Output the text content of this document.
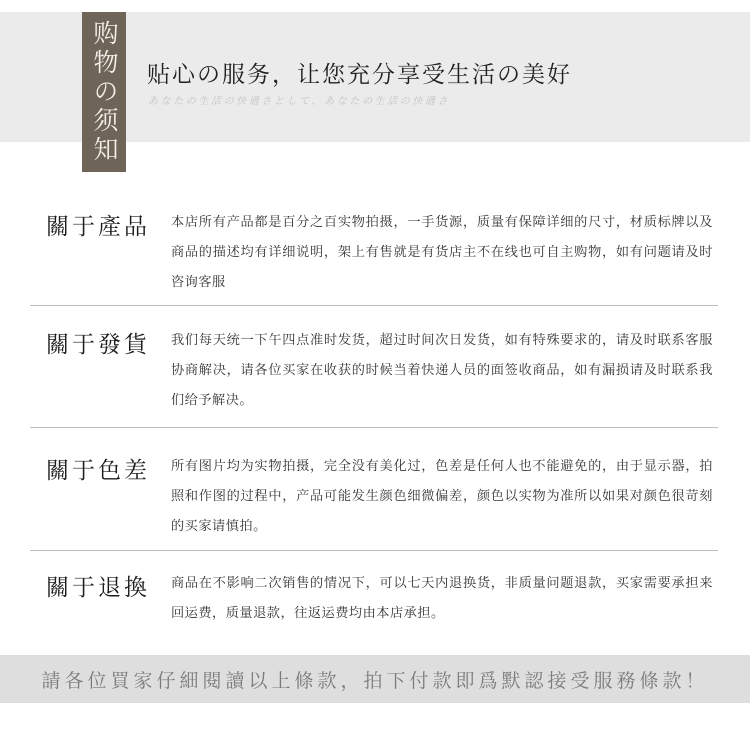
购物の须知	贴心の服务，让您充分享受生活の美好
あなたの生活の快適さとして、あなたの生活の快適さ
關于產品 本店所有产品都是百分之百实物拍摄，一手货源，质量有保障详细的尺寸，材质标牌以及商品的描述均有详细说明，架上有售就是有货店主不在线也可自主购物，如有问题请及时咨询客服
關于發貨 我们每天统一下午四点准时发货，超过时间次日发货，如有特殊要求的，请及时联系客服协商解决，请各位买家在收获的时候当着快递人员的面签收商品，如有漏损请及时联系我们给予解决。
關于色差 所有图片均为实物拍摄，完全没有美化过，色差是任何人也不能避免的，由于显示器，拍照和作图的过程中，产品可能发生颜色细微偏差，颜色以实物为准所以如果对颜色很苛刻的买家请慎拍。
關于退換 商品在不影响二次销售的情况下，可以七天内退换货，非质量问题退款，买家需要承担来回运费，质量退款，往返运费均由本店承担。
請各位買家仔細閱讀以上條款，拍下付款即爲默認接受服務條款！
